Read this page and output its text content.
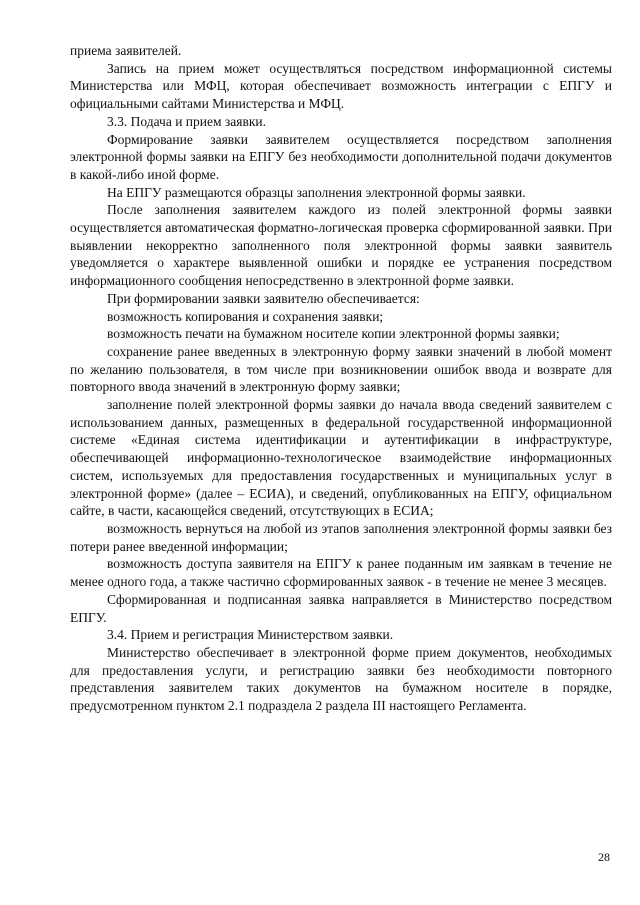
приема заявителей.

Запись на прием может осуществляться посредством информационной системы Министерства или МФЦ, которая обеспечивает возможность интеграции с ЕПГУ и официальными сайтами Министерства и МФЦ.

3.3. Подача и прием заявки.

Формирование заявки заявителем осуществляется посредством заполнения электронной формы заявки на ЕПГУ без необходимости дополнительной подачи документов в какой-либо иной форме.

На ЕПГУ размещаются образцы заполнения электронной формы заявки.

После заполнения заявителем каждого из полей электронной формы заявки осуществляется автоматическая форматно-логическая проверка сформированной заявки. При выявлении некорректно заполненного поля электронной формы заявки заявитель уведомляется о характере выявленной ошибки и порядке ее устранения посредством информационного сообщения непосредственно в электронной форме заявки.

При формировании заявки заявителю обеспечивается:

возможность копирования и сохранения заявки;

возможность печати на бумажном носителе копии электронной формы заявки;

сохранение ранее введенных в электронную форму заявки значений в любой момент по желанию пользователя, в том числе при возникновении ошибок ввода и возврате для повторного ввода значений в электронную форму заявки;

заполнение полей электронной формы заявки до начала ввода сведений заявителем с использованием данных, размещенных в федеральной государственной информационной системе «Единая система идентификации и аутентификации в инфраструктуре, обеспечивающей информационно-технологическое взаимодействие информационных систем, используемых для предоставления государственных и муниципальных услуг в электронной форме» (далее – ЕСИА), и сведений, опубликованных на ЕПГУ, официальном сайте, в части, касающейся сведений, отсутствующих в ЕСИА;

возможность вернуться на любой из этапов заполнения электронной формы заявки без потери ранее введенной информации;

возможность доступа заявителя на ЕПГУ к ранее поданным им заявкам в течение не менее одного года, а также частично сформированных заявок - в течение не менее 3 месяцев.

Сформированная и подписанная заявка направляется в Министерство посредством ЕПГУ.

3.4. Прием и регистрация Министерством заявки.

Министерство обеспечивает в электронной форме прием документов, необходимых для предоставления услуги, и регистрацию заявки без необходимости повторного представления заявителем таких документов на бумажном носителе в порядке, предусмотренном пунктом 2.1 подраздела 2 раздела III настоящего Регламента.

28
